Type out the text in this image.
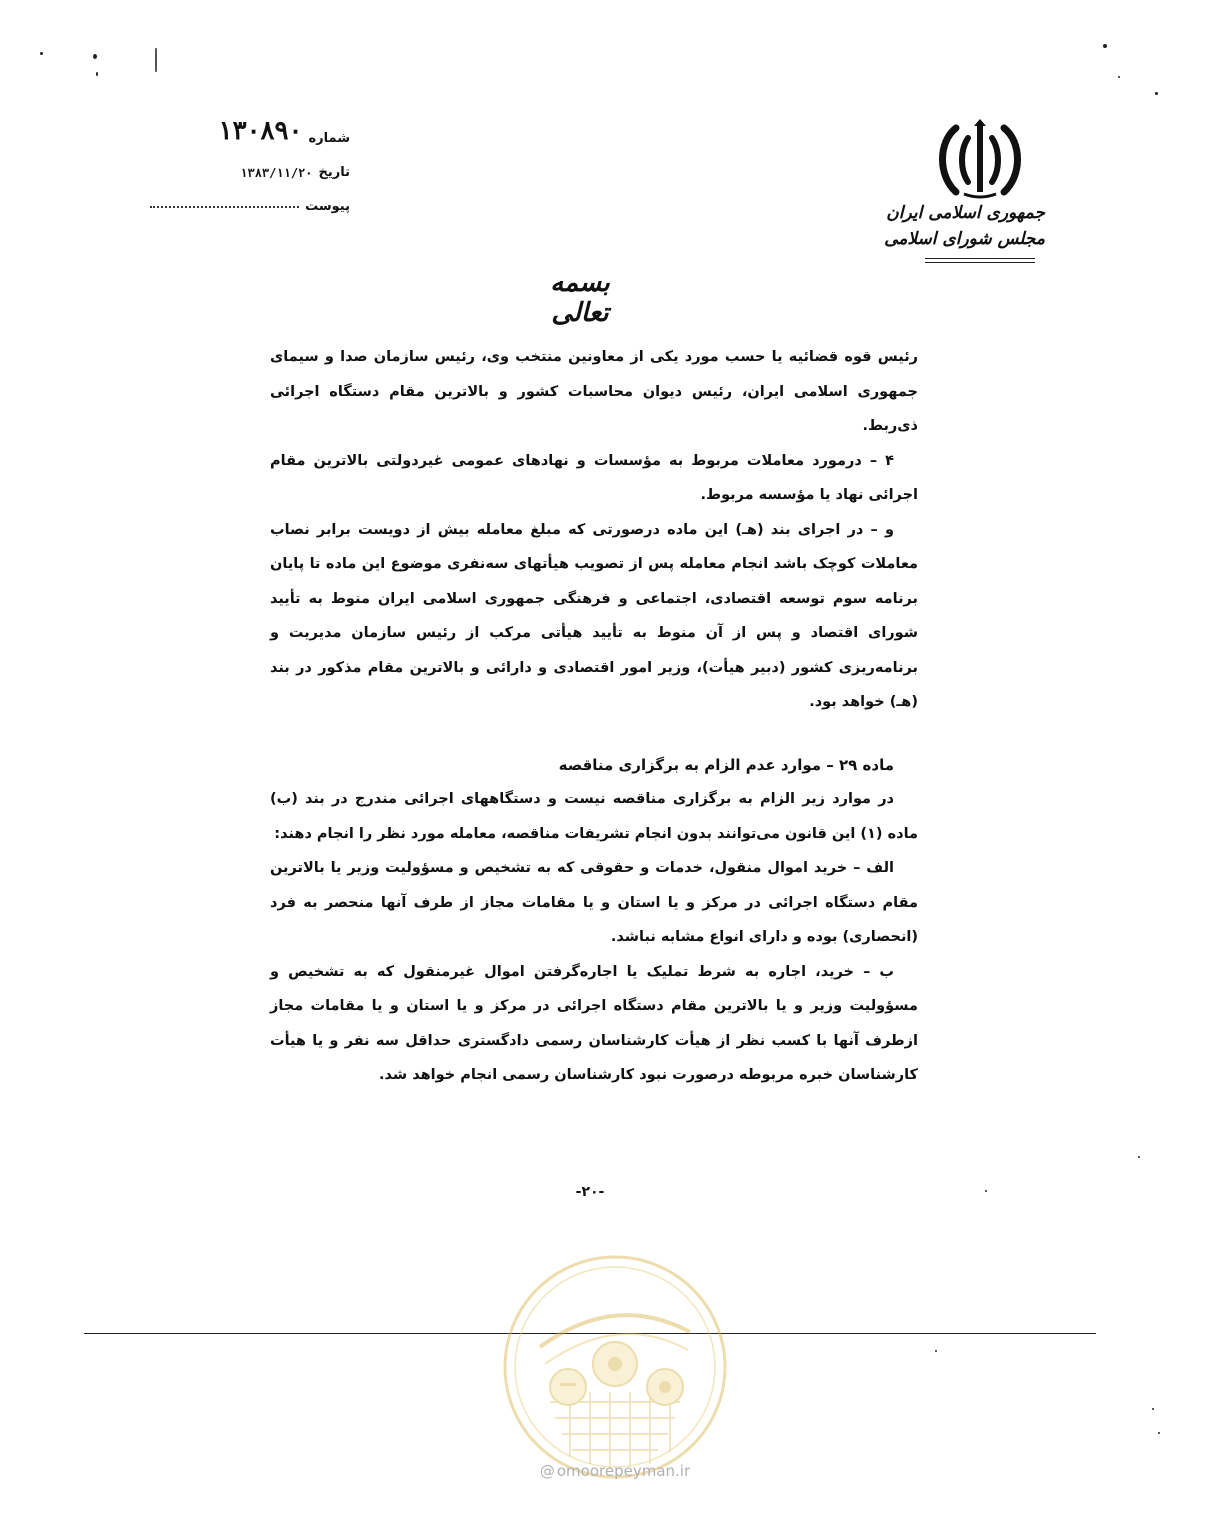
شماره
۱۳۰۸۹۰
تاریخ
۱۳۸۳/۱۱/۲۰
پیوست	جمهوری اسلامی ایران
مجلس شورای اسلامی
بسمه تعالی

رئیس قوه قضائیه یا حسب مورد یکی از معاونین منتخب وی، رئیس سازمان صدا و سیمای جمهوری اسلامی ایران، رئیس دیوان محاسبات کشور و بالاترین مقام دستگاه اجرائی ذی‌ربط.

۴ – درمورد معاملات مربوط به مؤسسات و نهادهای عمومی غیردولتی بالاترین مقام اجرائی نهاد یا مؤسسه مربوط.

و – در اجرای بند (هـ) این ماده درصورتی که مبلغ معامله بیش از دویست برابر نصاب معاملات کوچک باشد انجام معامله پس از تصویب هیأتهای سه‌نفری موضوع این ماده تا پایان برنامه سوم توسعه اقتصادی، اجتماعی و فرهنگی جمهوری اسلامی ایران منوط به تأیید شورای اقتصاد و پس از آن منوط به تأیید هیأتی مرکب از رئیس سازمان مدیریت و برنامه‌ریزی کشور (دبیر هیأت)، وزیر امور اقتصادی و دارائی و بالاترین مقام مذکور در بند (هـ) خواهد بود.

ماده ۲۹ – موارد عدم الزام به برگزاری مناقصه

در موارد زیر الزام به برگزاری مناقصه نیست و دستگاههای اجرائی مندرج در بند (ب) ماده (۱) این قانون می‌توانند بدون انجام تشریفات مناقصه، معامله مورد نظر را انجام دهند:

الف – خرید اموال منقول، خدمات و حقوقی که به تشخیص و مسؤولیت وزیر یا بالاترین مقام دستگاه اجرائی در مرکز و یا استان و یا مقامات مجاز از طرف آنها منحصر به فرد (انحصاری) بوده و دارای انواع مشابه نباشد.

ب – خرید، اجاره به شرط تملیک یا اجاره‌گرفتن اموال غیرمنقول که به تشخیص و مسؤولیت وزیر و یا بالاترین مقام دستگاه اجرائی در مرکز و یا استان و یا مقامات مجاز ازطرف آنها با کسب نظر از هیأت کارشناسان رسمی دادگستری حداقل سه نفر و یا هیأت کارشناسان خبره مربوطه درصورت نبود کارشناسان رسمی انجام خواهد شد.

-۲۰-
@ omoorepeyman.ir
